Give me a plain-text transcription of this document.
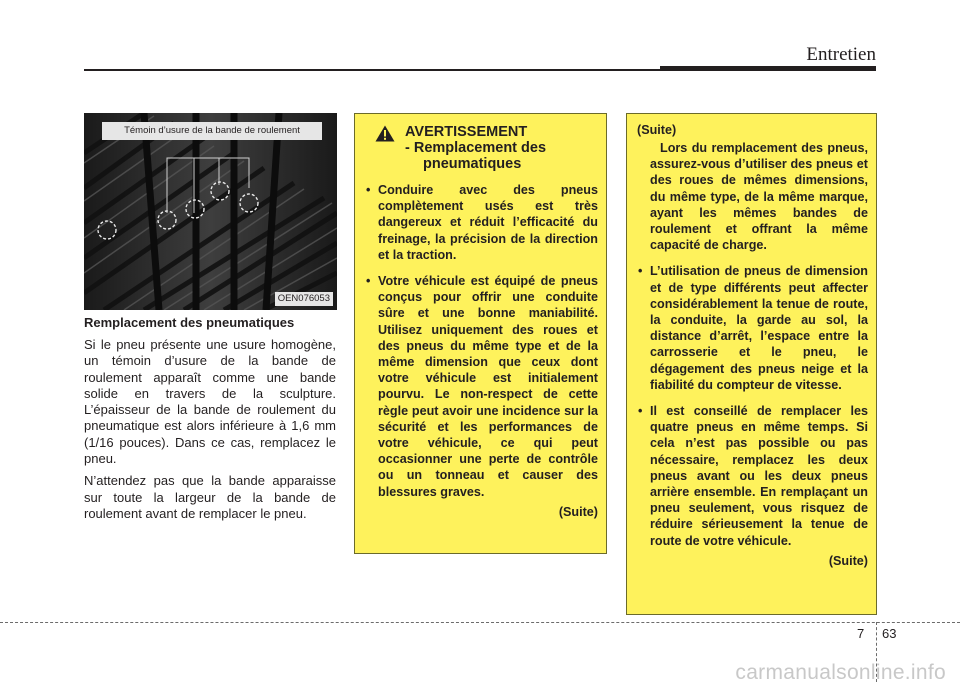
Entretien
Témoin d’usure de la bande de roulement
OEN076053
Remplacement des pneumatiques

Si le pneu présente une usure homogène, un témoin d’usure de la bande de roulement apparaît comme une bande solide en travers de la sculpture. L’épaisseur de la bande de roulement du pneumatique est alors inférieure à 1,6 mm (1/16 pouces). Dans ce cas, remplacez le pneu.

N’attendez pas que la bande apparaisse sur toute la largeur de la bande de roulement avant de remplacer le pneu.

AVERTISSEMENT
- Remplacement des
pneumatiques
• Conduire avec des pneus complètement usés est très dangereux et réduit l’efficacité du freinage, la précision de la direction et la traction.
• Votre véhicule est équipé de pneus conçus pour offrir une conduite sûre et une bonne maniabilité. Utilisez uniquement des roues et des pneus du même type et de la même dimension que ceux dont votre véhicule est initialement pourvu. Le non-respect de cette règle peut avoir une incidence sur la sécurité et les performances de votre véhicule, ce qui peut occasionner une perte de contrôle ou un tonneau et causer des blessures graves.
(Suite)
(Suite)
Lors du remplacement des pneus, assurez-vous d’utiliser des pneus et des roues de mêmes dimensions, du même type, de la même marque, ayant les mêmes bandes de roulement et offrant la même capacité de charge.
• L’utilisation de pneus de dimension et de type différents peut affecter considérablement la tenue de route, la conduite, la garde au sol, la distance d’arrêt, l’espace entre la carrosserie et le pneu, le dégagement des pneus neige et la fiabilité du compteur de vitesse.
• Il est conseillé de remplacer les quatre pneus en même temps. Si cela n’est pas possible ou pas nécessaire, remplacez les deux pneus avant ou les deux pneus arrière ensemble. En remplaçant un pneu seulement, vous risquez de réduire sérieusement la tenue de route de votre véhicule.
(Suite)
7 63
carmanualsonline.info
